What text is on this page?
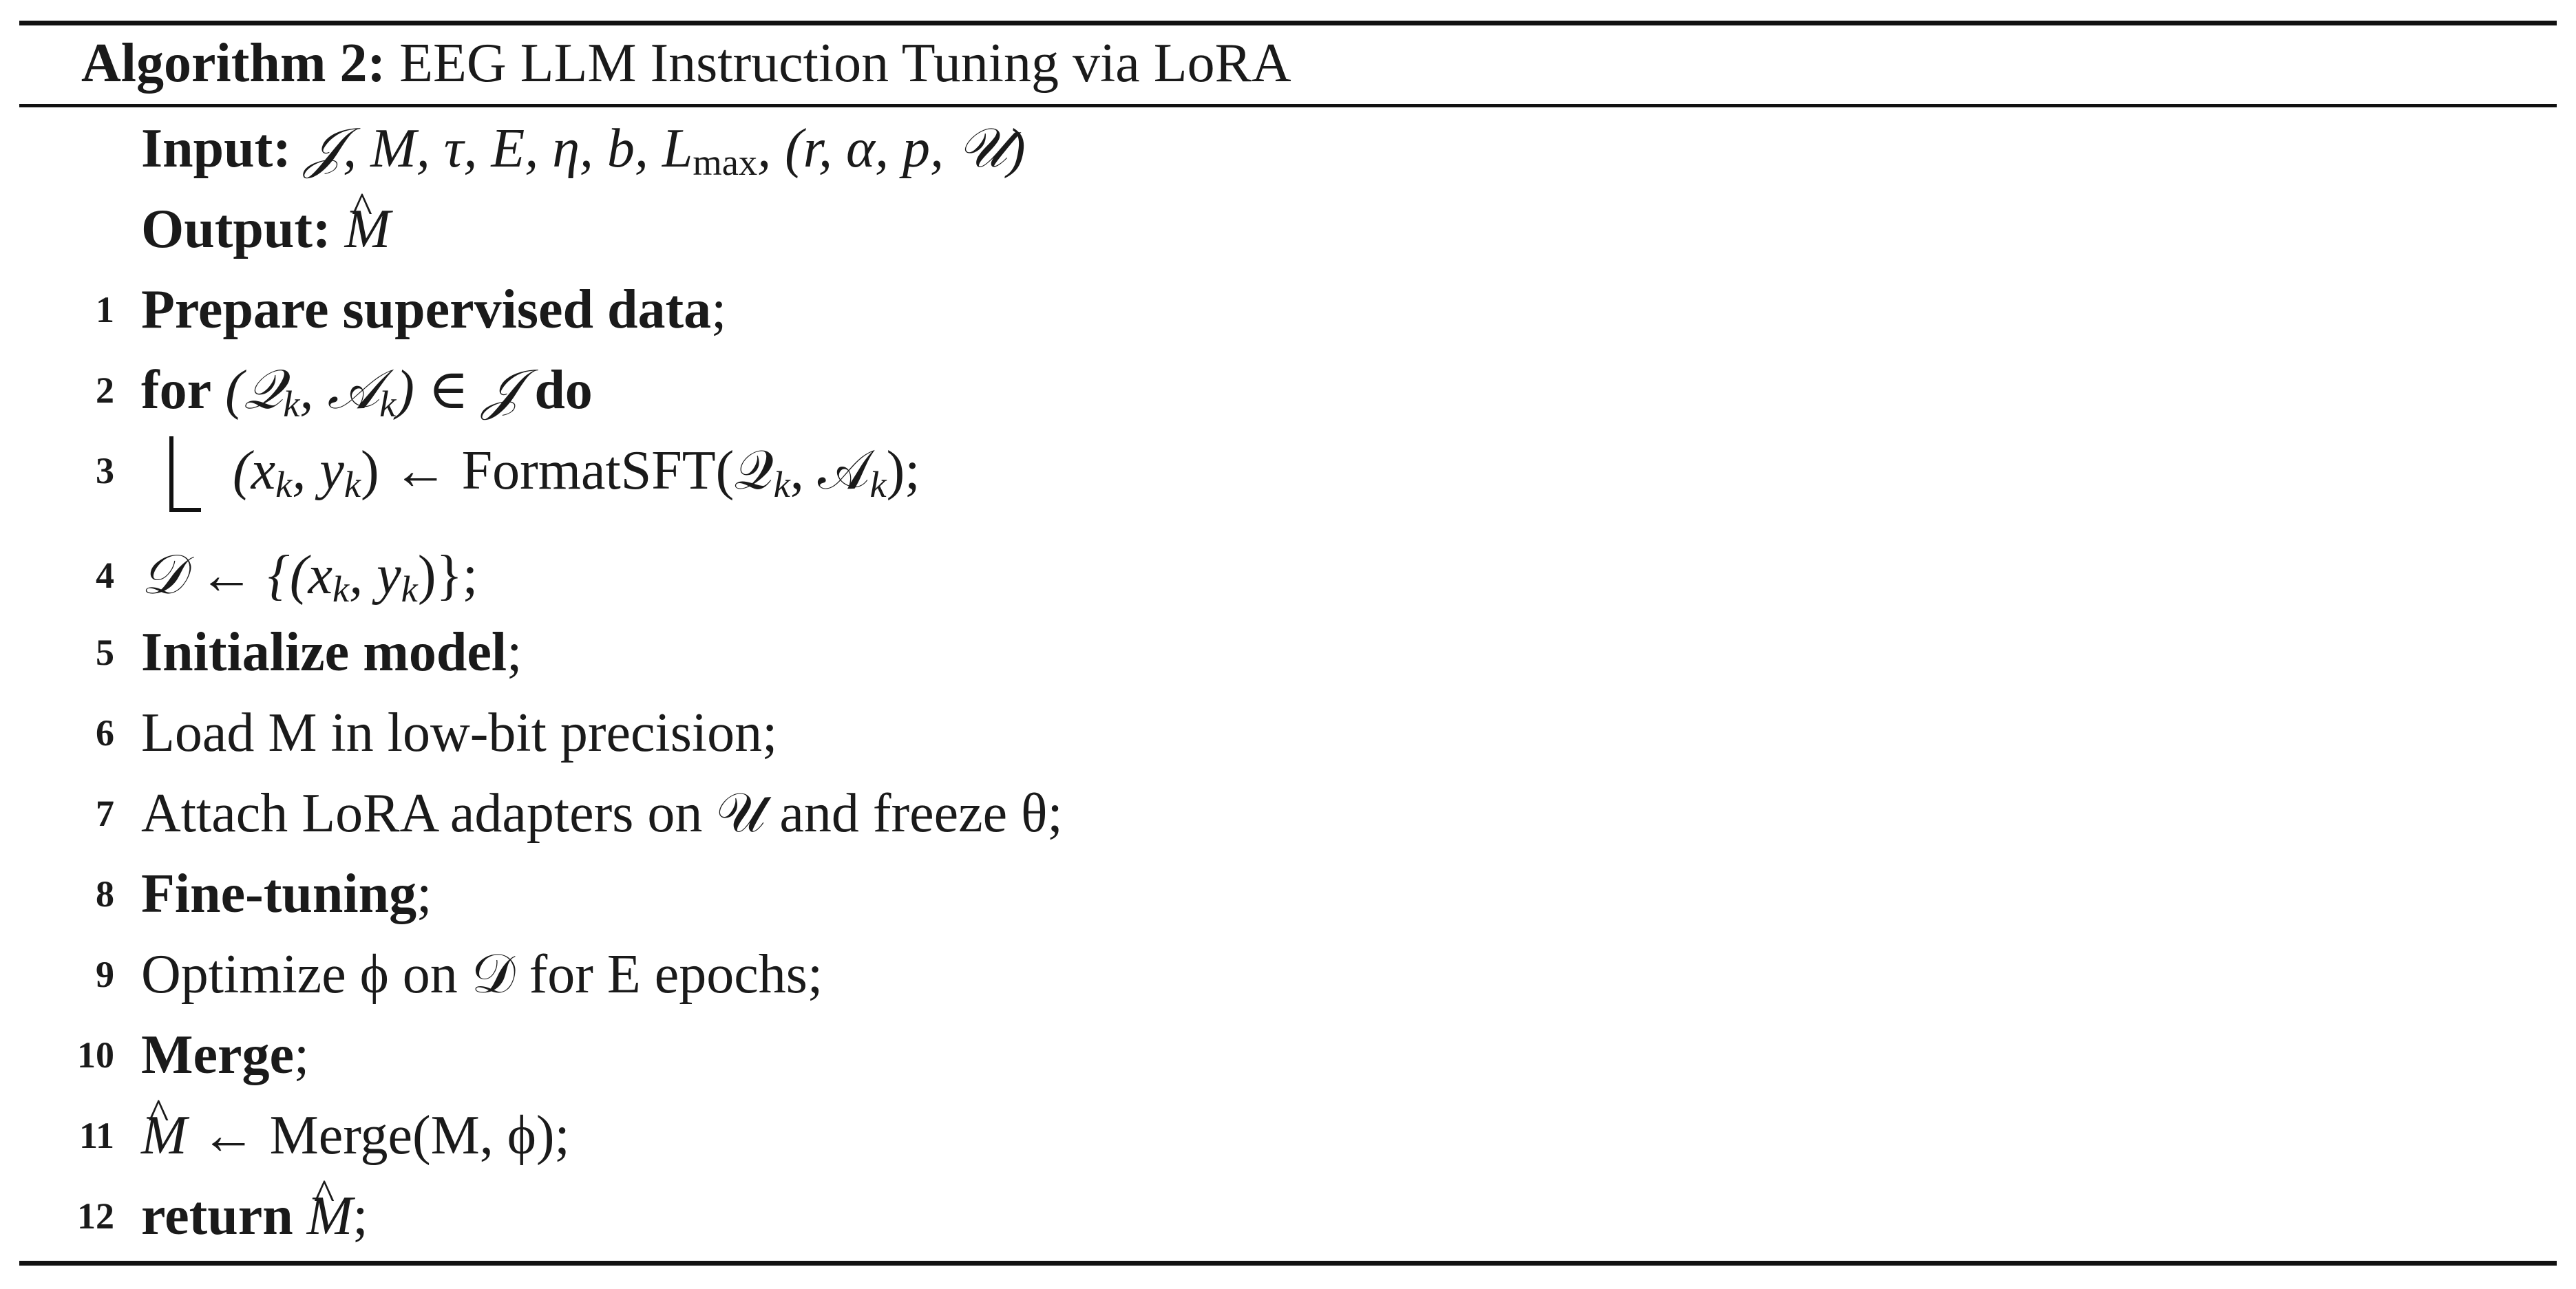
Algorithm 2: EEG LLM Instruction Tuning via LoRA
Input: 𝒥, M, τ, E, η, b, $L_{max}$, (r, α, p, 𝒰)
Output: ^ M
1 Prepare supervised data;
2 for (𝒬$_k$, 𝒜$_k$) ∈ 𝒥 do
3 ($x_k$, $y_k$) ← FormatSFT(𝒬$_k$, 𝒜$_k$);
4 𝒟 ← {($x_k$, $y_k$)};
5 Initialize model;
6 Load M in low-bit precision;
7 Attach LoRA adapters on 𝒰 and freeze θ;
8 Fine-tuning;
9 Optimize ϕ on 𝒟 for E epochs;
10 Merge;
11 ^ M ← Merge(M, ϕ);
12 return ^ M;
